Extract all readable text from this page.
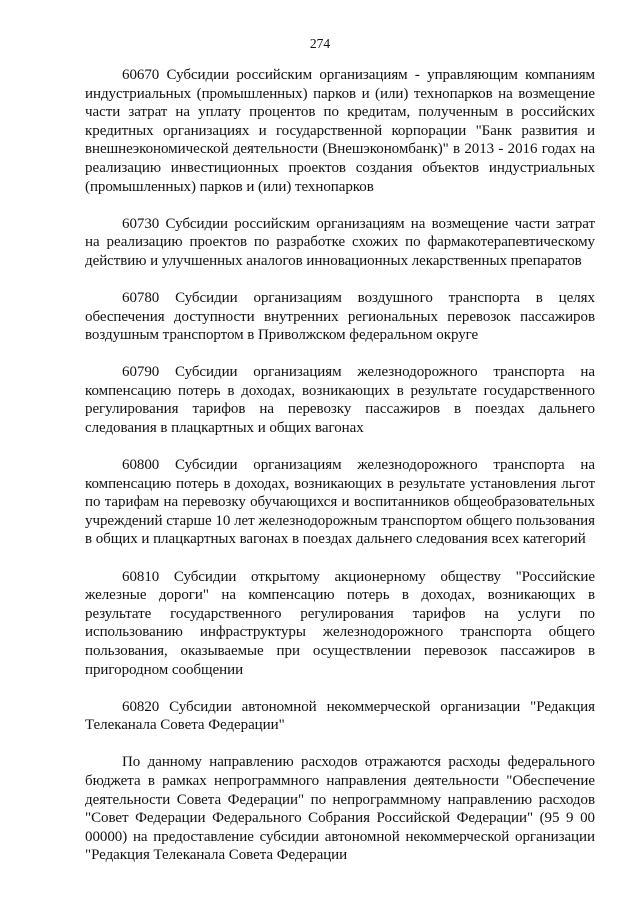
274

60670 Субсидии российским организациям - управляющим компаниям индустриальных (промышленных) парков и (или) технопарков на возмещение части затрат на уплату процентов по кредитам, полученным в российских кредитных организациях и государственной корпорации "Банк развития и внешнеэкономической деятельности (Внешэкономбанк)" в 2013 - 2016 годах на реализацию инвестиционных проектов создания объектов индустриальных (промышленных) парков и (или) технопарков

60730 Субсидии российским организациям на возмещение части затрат на реализацию проектов по разработке схожих по фармакотерапевтическому действию и улучшенных аналогов инновационных лекарственных препаратов

60780 Субсидии организациям воздушного транспорта в целях обеспечения доступности внутренних региональных перевозок пассажиров воздушным транспортом в Приволжском федеральном округе

60790 Субсидии организациям железнодорожного транспорта на компенсацию потерь в доходах, возникающих в результате государственного регулирования тарифов на перевозку пассажиров в поездах дальнего следования в плацкартных и общих вагонах

60800 Субсидии организациям железнодорожного транспорта на компенсацию потерь в доходах, возникающих в результате установления льгот по тарифам на перевозку обучающихся и воспитанников общеобразовательных учреждений старше 10 лет железнодорожным транспортом общего пользования в общих и плацкартных вагонах в поездах дальнего следования всех категорий

60810 Субсидии открытому акционерному обществу "Российские железные дороги" на компенсацию потерь в доходах, возникающих в результате государственного регулирования тарифов на услуги по использованию инфраструктуры железнодорожного транспорта общего пользования, оказываемые при осуществлении перевозок пассажиров в пригородном сообщении

60820 Субсидии автономной некоммерческой организации "Редакция Телеканала Совета Федерации"

По данному направлению расходов отражаются расходы федерального бюджета в рамках непрограммного направления деятельности "Обеспечение деятельности Совета Федерации" по непрограммному направлению расходов "Совет Федерации Федерального Собрания Российской Федерации" (95 9 00 00000) на предоставление субсидии автономной некоммерческой организации "Редакция Телеканала Совета Федерации
